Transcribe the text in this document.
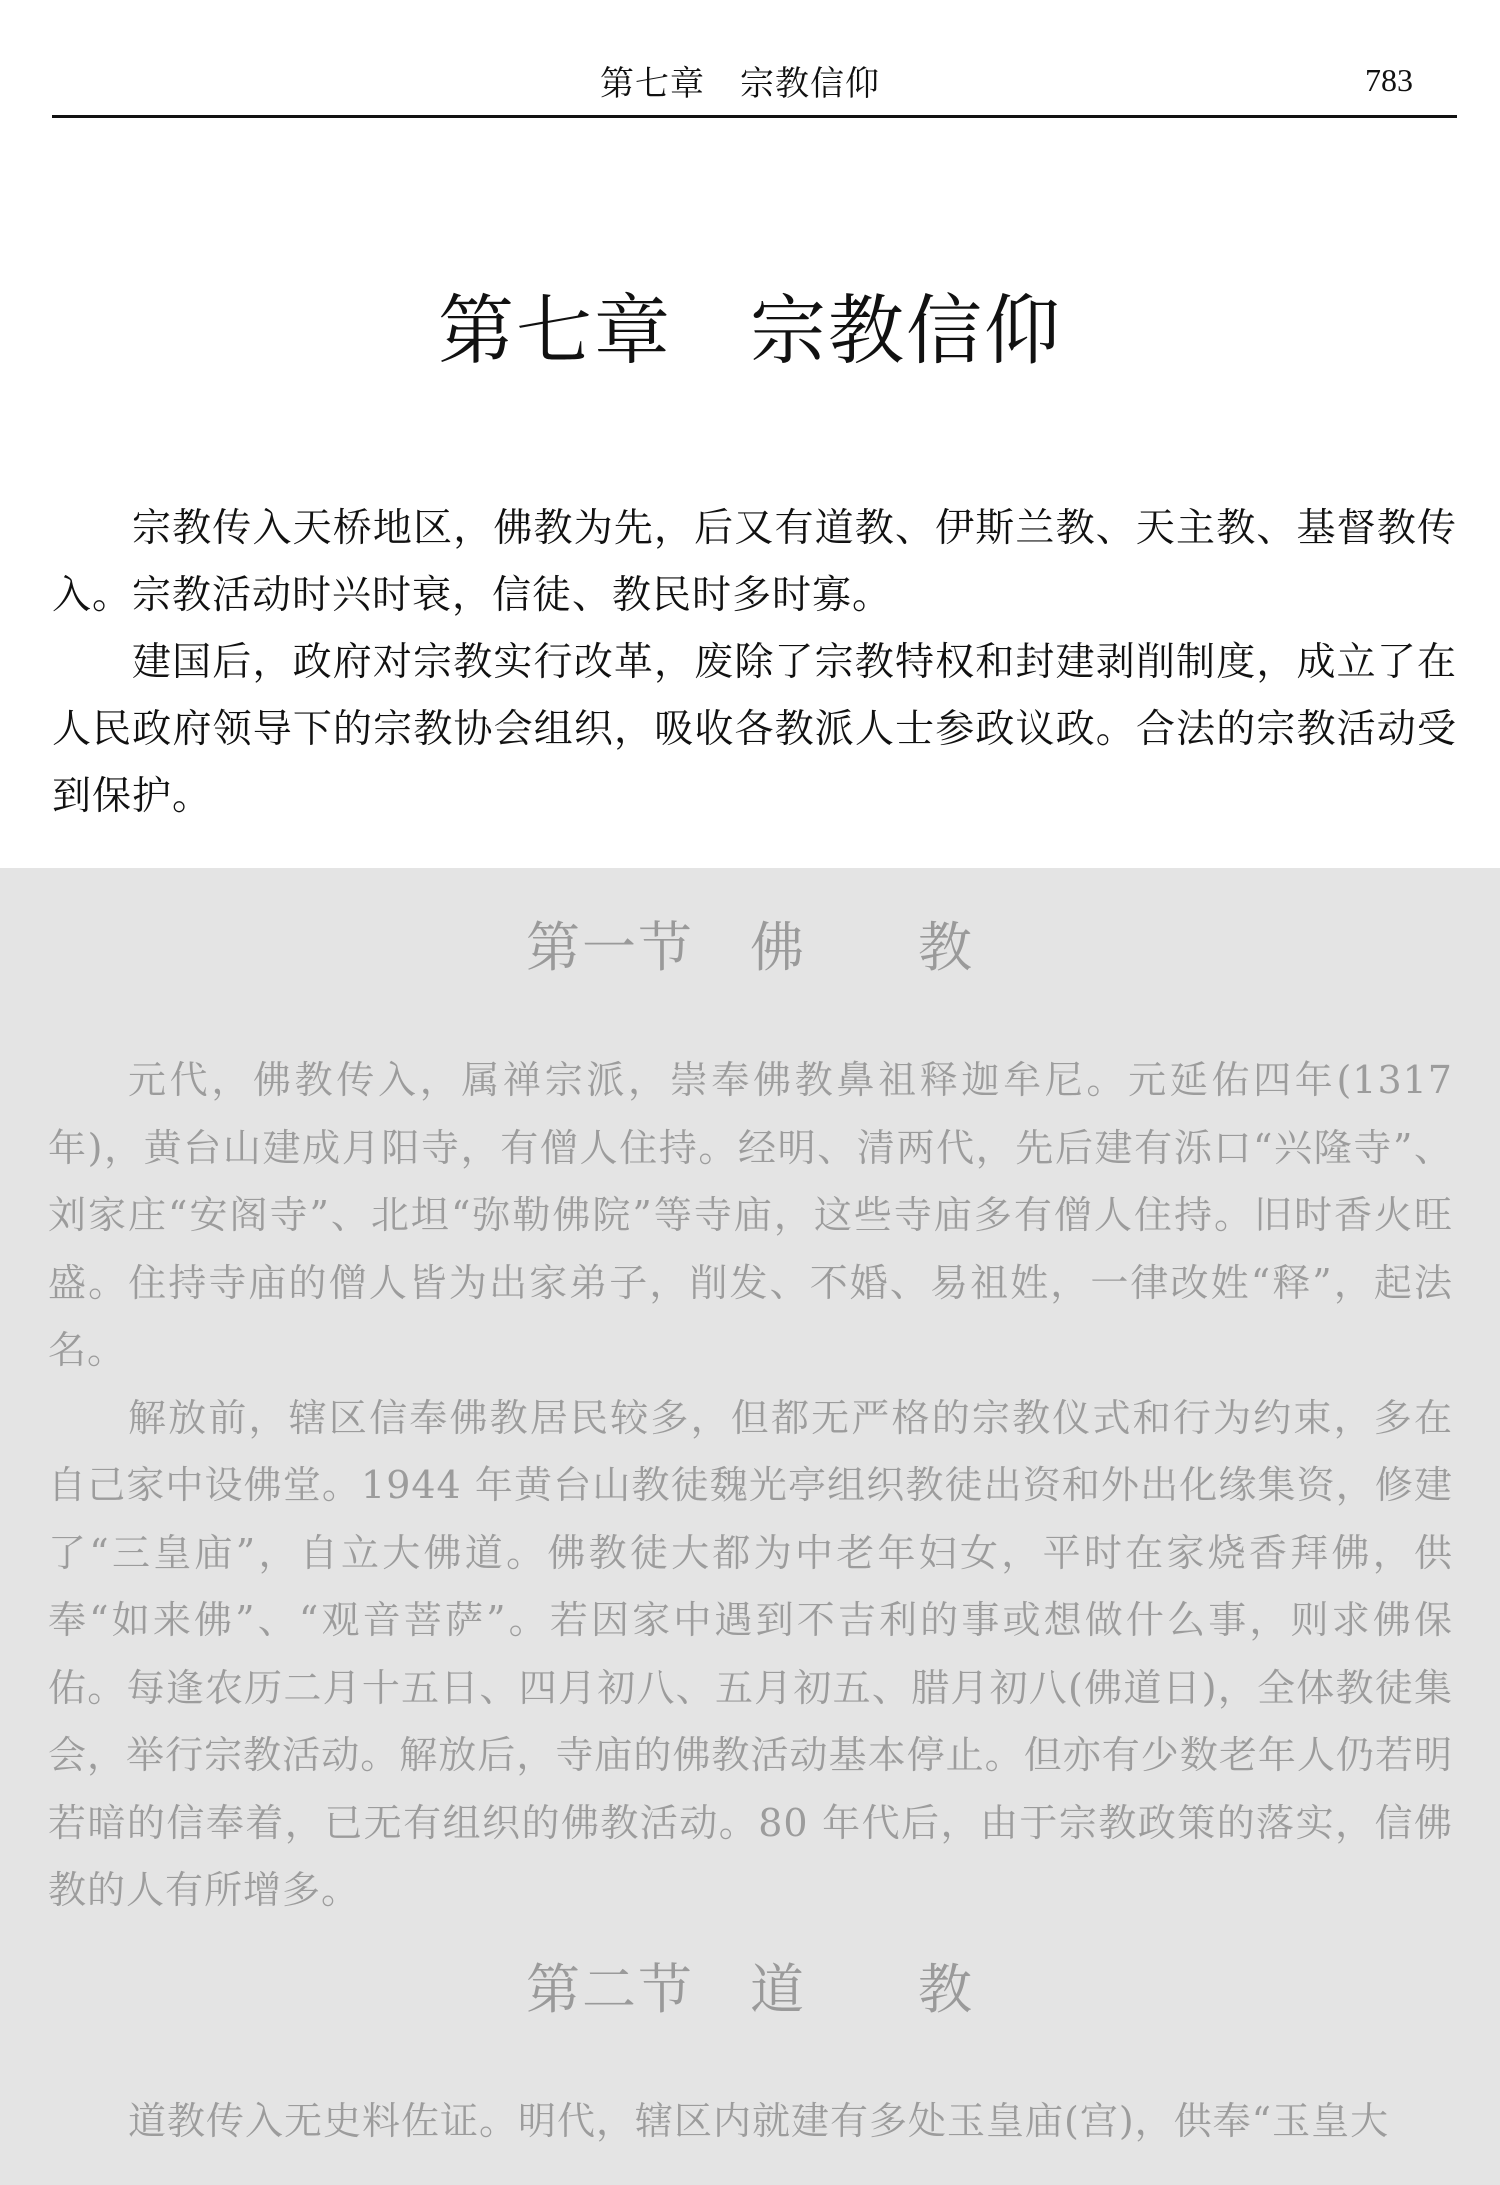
第七章　宗教信仰	783
第七章　宗教信仰

宗教传入天桥地区，佛教为先，后又有道教、伊斯兰教、天主教、基督教传入。宗教活动时兴时衰，信徒、教民时多时寡。

建国后，政府对宗教实行改革，废除了宗教特权和封建剥削制度，成立了在人民政府领导下的宗教协会组织，吸收各教派人士参政议政。合法的宗教活动受到保护。

第一节　佛　　教

元代，佛教传入，属禅宗派，崇奉佛教鼻祖释迦牟尼。元延佑四年(1317年)，黄台山建成月阳寺，有僧人住持。经明、清两代，先后建有泺口“兴隆寺”、刘家庄“安阁寺”、北坦“弥勒佛院”等寺庙，这些寺庙多有僧人住持。旧时香火旺盛。住持寺庙的僧人皆为出家弟子，削发、不婚、易祖姓，一律改姓“释”，起法名。

解放前，辖区信奉佛教居民较多，但都无严格的宗教仪式和行为约束，多在自己家中设佛堂。1944 年黄台山教徒魏光亭组织教徒出资和外出化缘集资，修建了“三皇庙”，自立大佛道。佛教徒大都为中老年妇女，平时在家烧香拜佛，供奉“如来佛”、“观音菩萨”。若因家中遇到不吉利的事或想做什么事，则求佛保佑。每逢农历二月十五日、四月初八、五月初五、腊月初八(佛道日)，全体教徒集会，举行宗教活动。解放后，寺庙的佛教活动基本停止。但亦有少数老年人仍若明若暗的信奉着，已无有组织的佛教活动。80 年代后，由于宗教政策的落实，信佛教的人有所增多。

第二节　道　　教

道教传入无史料佐证。明代，辖区内就建有多处玉皇庙(宫)，供奉“玉皇大
